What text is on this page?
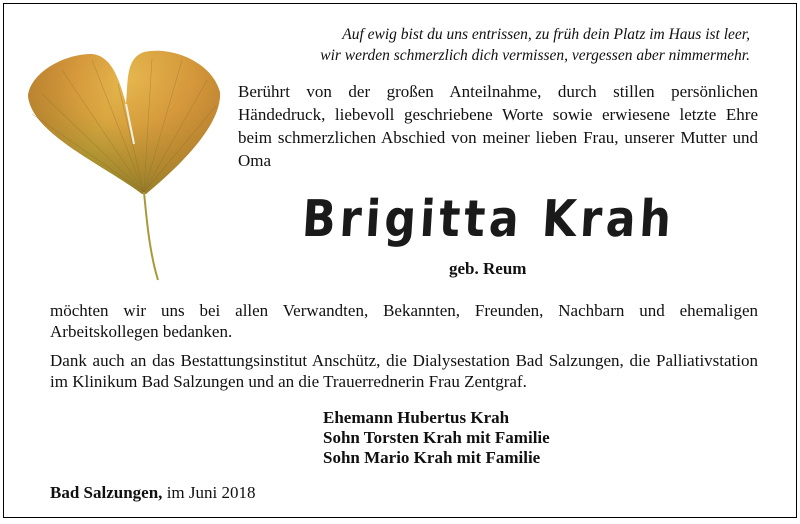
Auf ewig bist du uns entrissen, zu früh dein Platz im Haus ist leer,
wir werden schmerzlich dich vermissen, vergessen aber nimmermehr.
Berührt von der großen Anteilnahme, durch stillen persönlichen Händedruck, liebevoll geschriebene Worte sowie erwiesene letzte Ehre beim schmerzlichen Abschied von meiner lieben Frau, unserer Mutter und Oma
Brigitta Krah
geb. Reum
möchten wir uns bei allen Verwandten, Bekannten, Freunden, Nachbarn und ehemaligen Arbeitskollegen bedanken.
Dank auch an das Bestattungsinstitut Anschütz, die Dialysestation Bad Salzungen, die Palliativstation im Klinikum Bad Salzungen und an die Trauerrednerin Frau Zentgraf.
Ehemann Hubertus Krah
Sohn Torsten Krah mit Familie
Sohn Mario Krah mit Familie
Bad Salzungen, im Juni 2018
